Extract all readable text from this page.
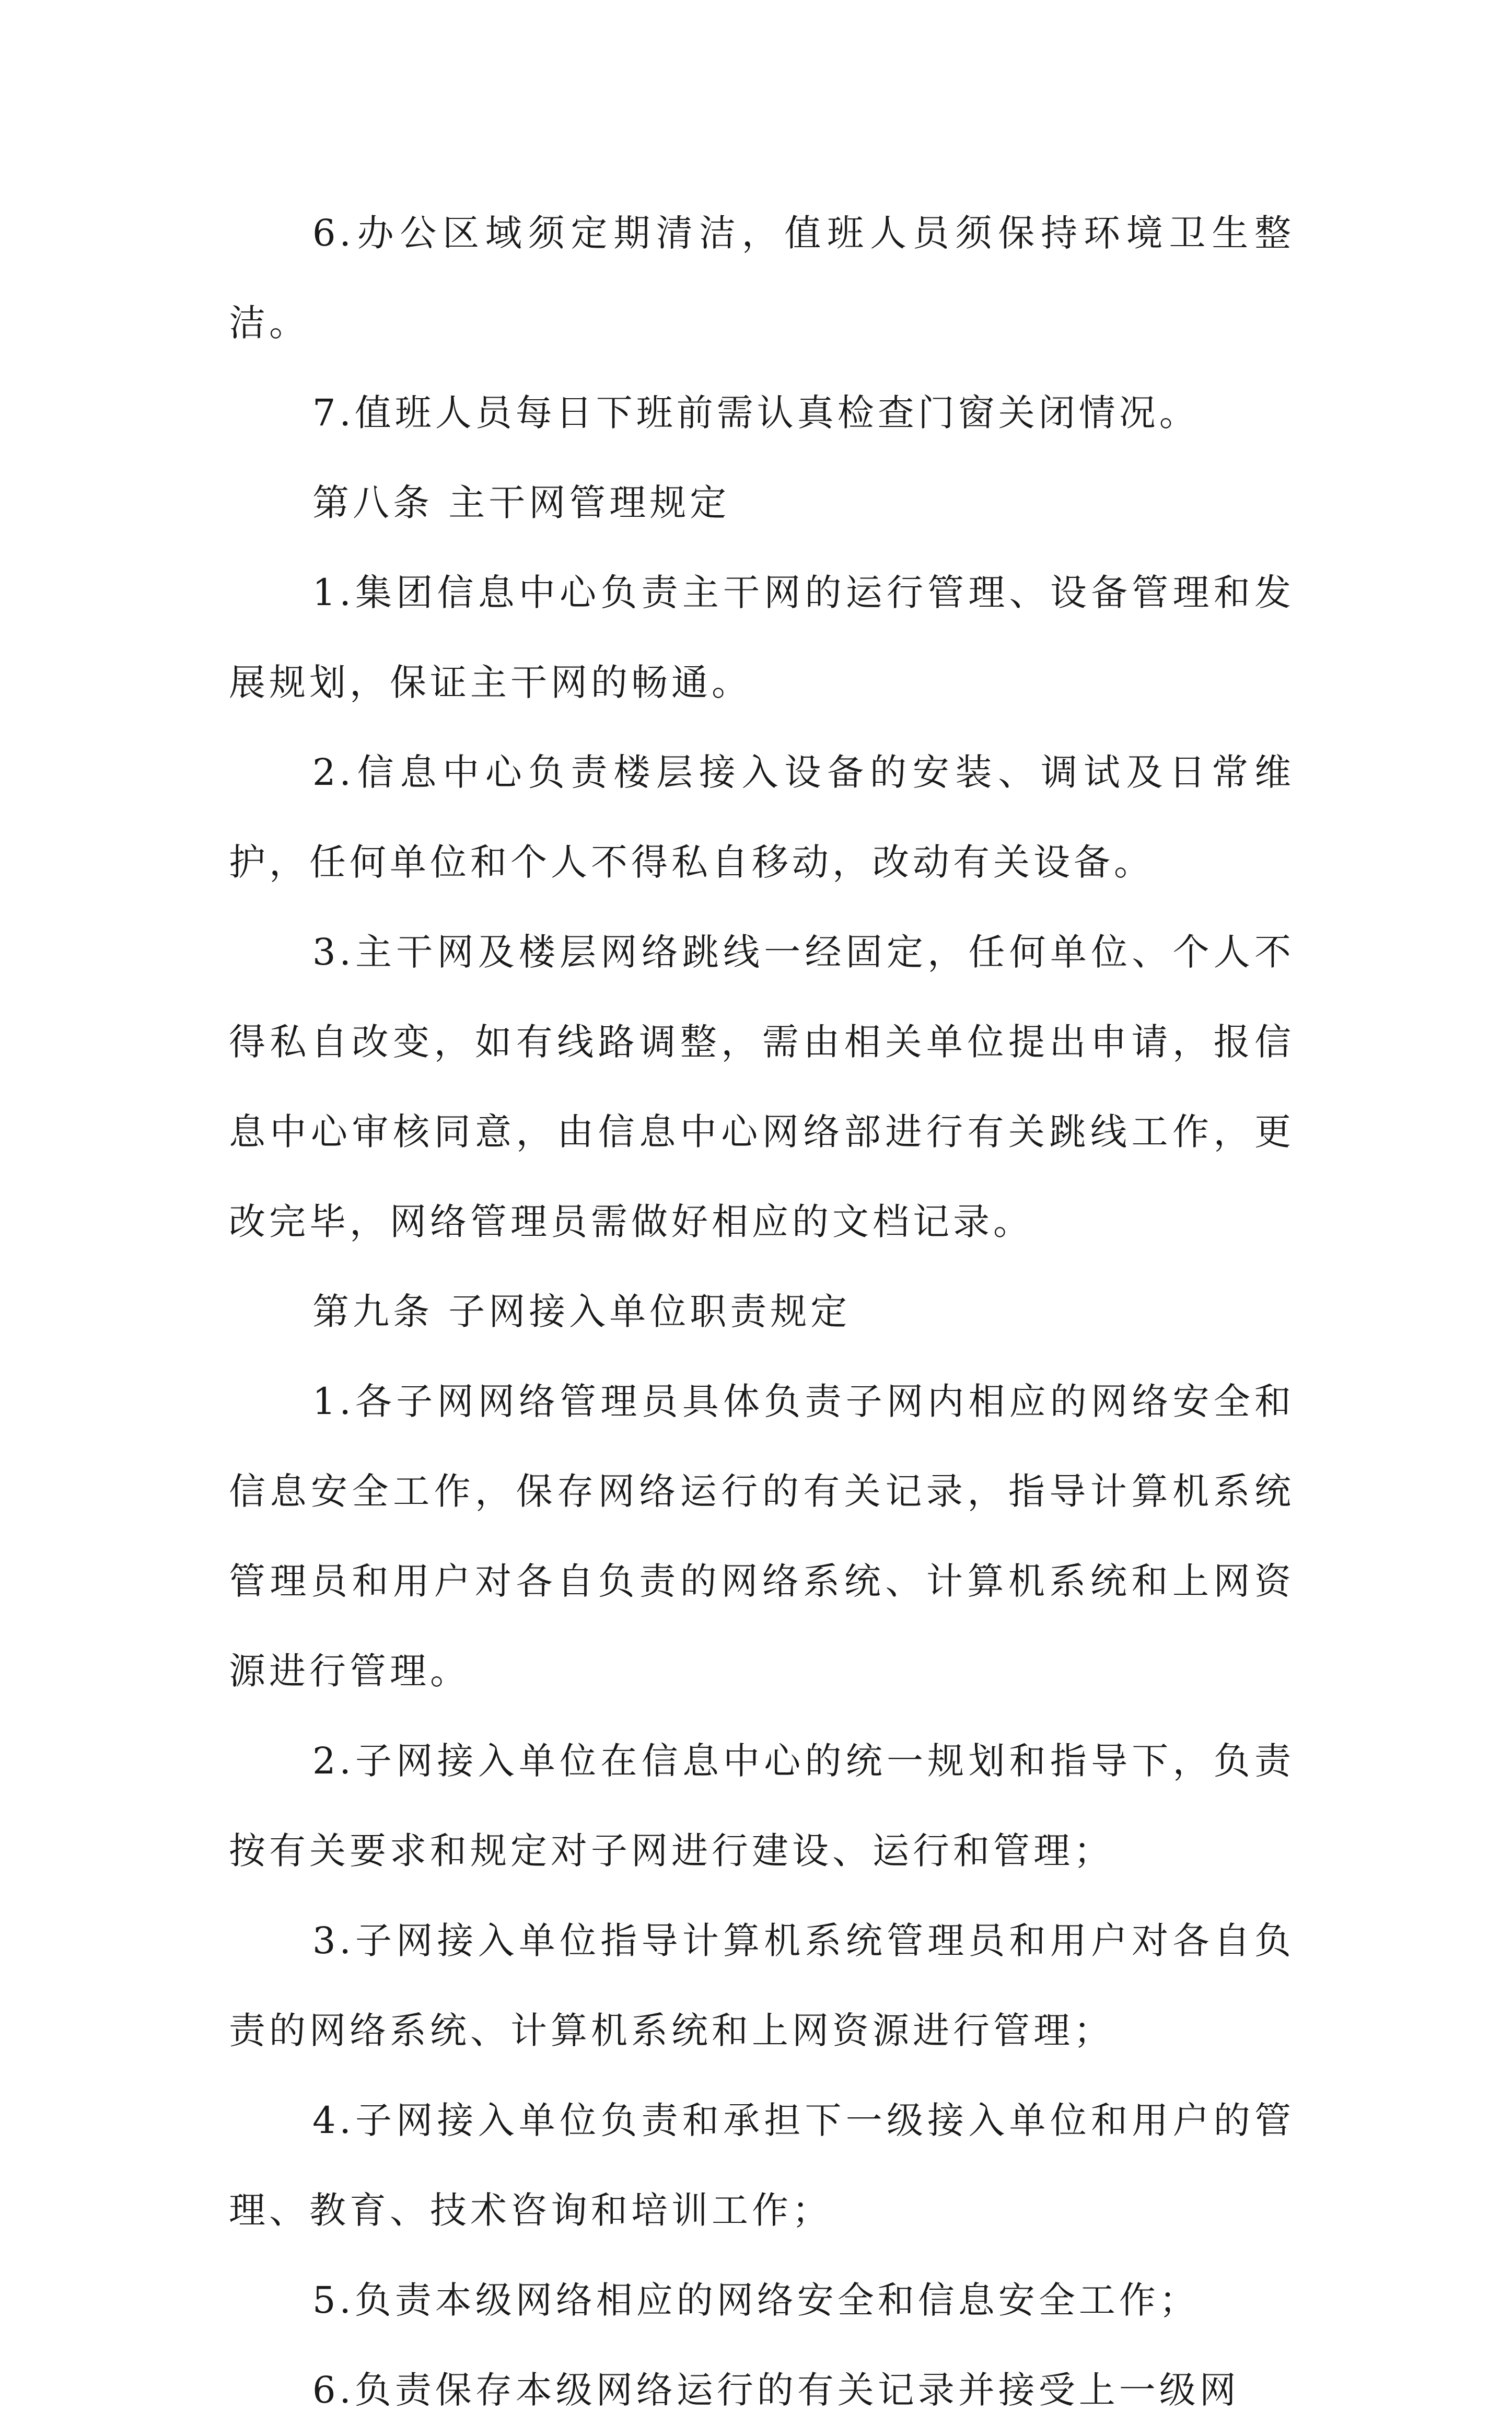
6.办公区域须定期清洁，值班人员须保持环境卫生整洁。

7.值班人员每日下班前需认真检查门窗关闭情况。

第八条 主干网管理规定

1.集团信息中心负责主干网的运行管理、设备管理和发展规划，保证主干网的畅通。

2.信息中心负责楼层接入设备的安装、调试及日常维护，任何单位和个人不得私自移动，改动有关设备。

3.主干网及楼层网络跳线一经固定，任何单位、个人不得私自改变，如有线路调整，需由相关单位提出申请，报信息中心审核同意，由信息中心网络部进行有关跳线工作，更改完毕，网络管理员需做好相应的文档记录。

第九条 子网接入单位职责规定

1.各子网网络管理员具体负责子网内相应的网络安全和信息安全工作，保存网络运行的有关记录，指导计算机系统管理员和用户对各自负责的网络系统、计算机系统和上网资源进行管理。

2.子网接入单位在信息中心的统一规划和指导下，负责按有关要求和规定对子网进行建设、运行和管理；

3.子网接入单位指导计算机系统管理员和用户对各自负责的网络系统、计算机系统和上网资源进行管理；

4.子网接入单位负责和承担下一级接入单位和用户的管理、教育、技术咨询和培训工作；

5.负责本级网络相应的网络安全和信息安全工作；

6.负责保存本级网络运行的有关记录并接受上一级网
